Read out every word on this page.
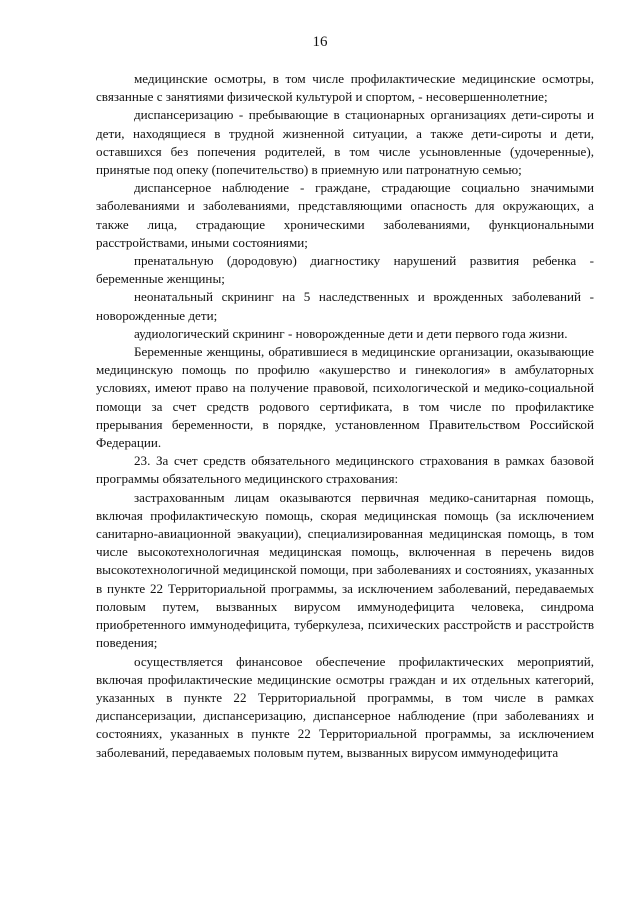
16

медицинские осмотры, в том числе профилактические медицинские осмотры, связанные с занятиями физической культурой и спортом, - несовершеннолетние;

диспансеризацию - пребывающие в стационарных организациях дети-сироты и дети, находящиеся в трудной жизненной ситуации, а также дети-сироты и дети, оставшихся без попечения родителей, в том числе усыновленные (удочеренные), принятые под опеку (попечительство) в приемную или патронатную семью;

диспансерное наблюдение - граждане, страдающие социально значимыми заболеваниями и заболеваниями, представляющими опасность для окружающих, а также лица, страдающие хроническими заболеваниями, функциональными расстройствами, иными состояниями;

пренатальную (дородовую) диагностику нарушений развития ребенка - беременные женщины;

неонатальный скрининг на 5 наследственных и врожденных заболеваний - новорожденные дети;

аудиологический скрининг - новорожденные дети и дети первого года жизни.

Беременные женщины, обратившиеся в медицинские организации, оказывающие медицинскую помощь по профилю «акушерство и гинекология» в амбулаторных условиях, имеют право на получение правовой, психологической и медико-социальной помощи за счет средств родового сертификата, в том числе по профилактике прерывания беременности, в порядке, установленном Правительством Российской Федерации.

23. За счет средств обязательного медицинского страхования в рамках базовой программы обязательного медицинского страхования:

застрахованным лицам оказываются первичная медико-санитарная помощь, включая профилактическую помощь, скорая медицинская помощь (за исключением санитарно-авиационной эвакуации), специализированная медицинская помощь, в том числе высокотехнологичная медицинская помощь, включенная в перечень видов высокотехнологичной медицинской помощи, при заболеваниях и состояниях, указанных в пункте 22 Территориальной программы, за исключением заболеваний, передаваемых половым путем, вызванных вирусом иммунодефицита человека, синдрома приобретенного иммунодефицита, туберкулеза, психических расстройств и расстройств поведения;

осуществляется финансовое обеспечение профилактических мероприятий, включая профилактические медицинские осмотры граждан и их отдельных категорий, указанных в пункте 22 Территориальной программы, в том числе в рамках диспансеризации, диспансеризацию, диспансерное наблюдение (при заболеваниях и состояниях, указанных в пункте 22 Территориальной программы, за исключением заболеваний, передаваемых половым путем, вызванных вирусом иммунодефицита
